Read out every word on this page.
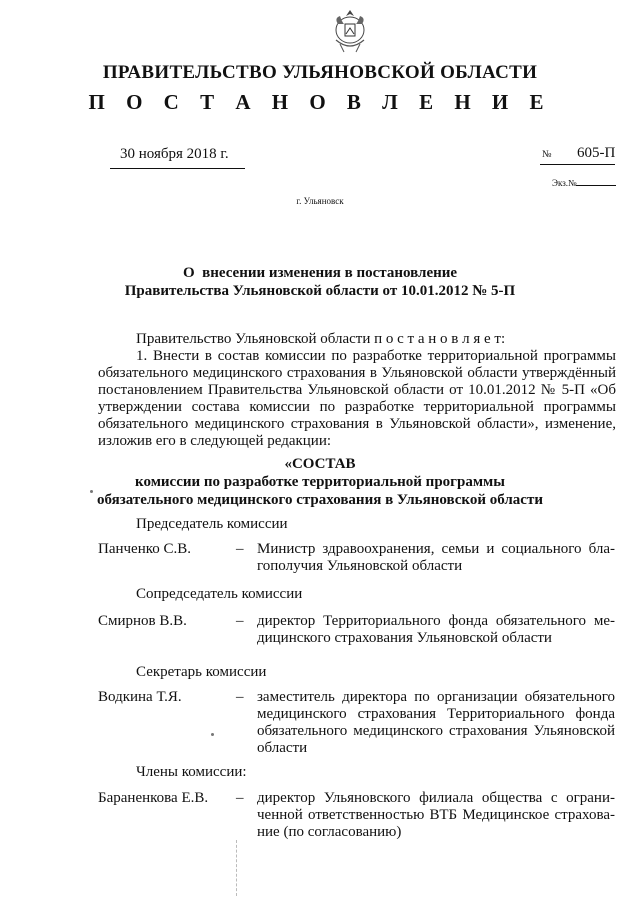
ПРАВИТЕЛЬСТВО УЛЬЯНОВСКОЙ ОБЛАСТИ
П О С Т А Н О В Л Е Н И Е
30 ноября 2018 г.	№ 605-П
Экз.№
г. Ульяновск
О  внесении изменения в постановление
Правительства Ульяновской области от 10.01.2012 № 5-П
Правительство Ульяновской области п о с т а н о в л я е т:
1. Внести в состав комиссии по разработке территориальной программы обязательного медицинского страхования в Ульяновской области утверждённый постановлением Правительства Ульяновской области от 10.01.2012 № 5-П «Об утверждении состава комиссии по разработке территориальной программы обязательного медицинского страхования в Ульяновской области», изменение, изложив его в следующей редакции:
«СОСТАВ
комиссии по разработке территориальной программы
обязательного медицинского страхования в Ульяновской области
Председатель комиссии
Панченко С.В.	– Министр здравоохранения, семьи и социального бла-гополучия Ульяновской области
Сопредседатель комиссии
Смирнов В.В.	– директор Территориального фонда обязательного ме-дицинского страхования Ульяновской области
Секретарь комиссии
Водкина Т.Я.	– заместитель директора по организации обязательного медицинского страхования Территориального фонда обязательного медицинского страхования Ульяновской области
Члены комиссии:
Бараненкова Е.В. – директор Ульяновского филиала общества с ограни-ченной ответственностью ВТБ Медицинское страхова-ние (по согласованию)
